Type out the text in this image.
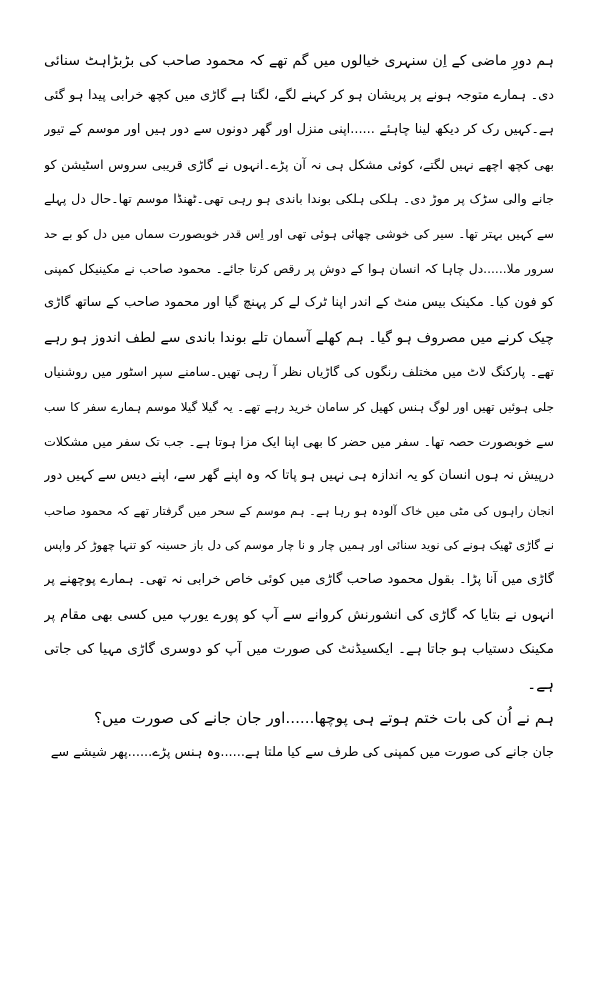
ہم دورِ ماضی کے اِن سنہری خیالوں میں گم تھے کہ محمود صاحب کی بڑبڑاہٹ سنائی
دی۔ ہمارے متوجہ ہونے پر پریشان ہو کر کہنے لگے، لگتا ہے گاڑی میں کچھ خرابی پیدا ہو گئی
ہے۔کہیں رک کر دیکھ لینا چاہئے ......اپنی منزل اور گھر دونوں سے دور ہیں اور موسم کے تیور
بھی کچھ اچھے نہیں لگتے، کوئی مشکل ہی نہ آن پڑے۔انہوں نے گاڑی قریبی سروس اسٹیشن کو
جانے والی سڑک پر موڑ دی۔ ہلکی ہلکی بوندا باندی ہو رہی تھی۔ٹھنڈا موسم تھا۔حال دل پہلے
سے کہیں بہتر تھا۔ سیر کی خوشی چھائی ہوئی تھی اور اِس قدر خوبصورت سماں میں دل کو بے حد
سرور ملا......دل چاہا کہ انسان ہوا کے دوش پر رقص کرتا جائے۔ محمود صاحب نے مکینیکل کمپنی
کو فون کیا۔ مکینک بیس منٹ کے اندر اپنا ٹرک لے کر پہنچ گیا اور محمود صاحب کے ساتھ گاڑی
چیک کرنے میں مصروف ہو گیا۔ ہم کھلے آسمان تلے بوندا باندی سے لطف اندوز ہو رہے
تھے۔ پارکنگ لاٹ میں مختلف رنگوں کی گاڑیاں نظر آ رہی تھیں۔سامنے سپر اسٹور میں روشنیاں
جلی ہوئیں تھیں اور لوگ ہنس کھیل کر سامان خرید رہے تھے۔ یہ گیلا گیلا موسم ہمارے سفر کا سب
سے خوبصورت حصہ تھا۔ سفر میں حضر کا بھی اپنا ایک مزا ہوتا ہے۔ جب تک سفر میں مشکلات
درپیش نہ ہوں انسان کو یہ اندازہ ہی نہیں ہو پاتا کہ وہ اپنے گھر سے، اپنے دیس سے کہیں دور
انجان راہوں کی مٹی میں خاک آلودہ ہو رہا ہے۔ ہم موسم کے سحر میں گرفتار تھے کہ محمود صاحب
نے گاڑی ٹھیک ہونے کی نوید سنائی اور ہمیں چار و نا چار موسم کی دل باز حسینہ کو تنہا چھوڑ کر واپس
گاڑی میں آنا پڑا۔ بقول محمود صاحب گاڑی میں کوئی خاص خرابی نہ تھی۔ ہمارے پوچھنے پر
انہوں نے بتایا کہ گاڑی کی انشورنش کروانے سے آپ کو پورے یورپ میں کسی بھی مقام پر
مکینک دستیاب ہو جاتا ہے۔ ایکسیڈنٹ کی صورت میں آپ کو دوسری گاڑی مہیا کی جاتی
ہے۔

ہم نے اُن کی بات ختم ہوتے ہی پوچھا......اور جان جانے کی صورت میں؟

جان جانے کی صورت میں کمپنی کی طرف سے کیا ملتا ہے......وہ ہنس پڑے......پھر شیشے سے
